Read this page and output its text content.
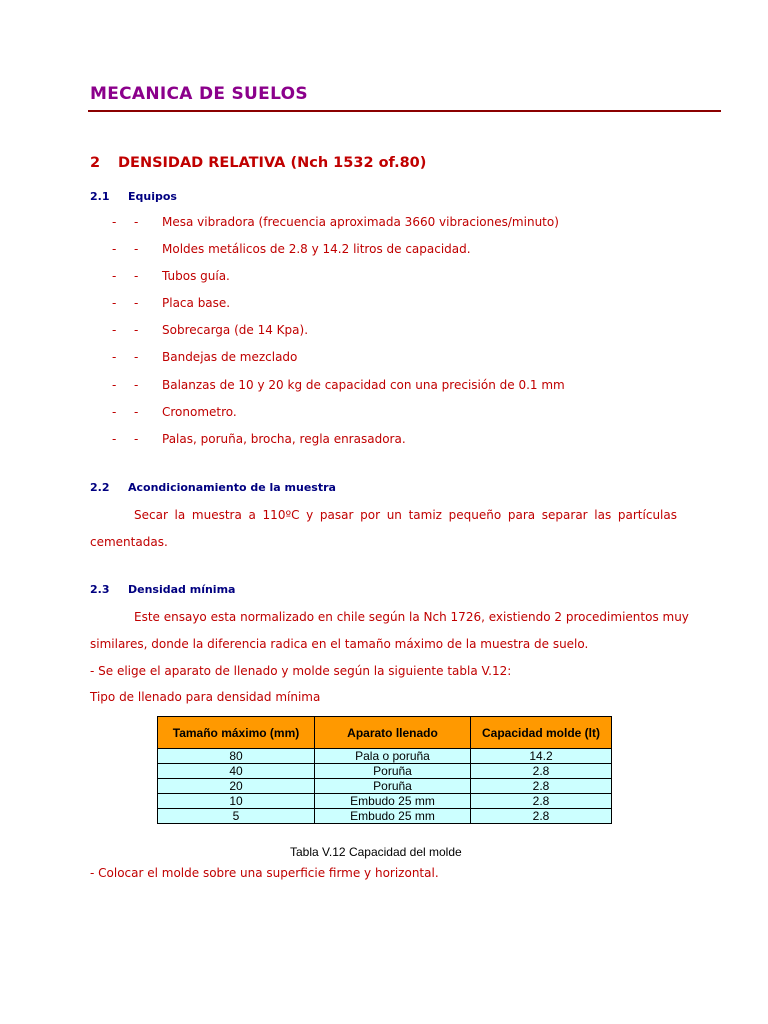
MECANICA DE SUELOS
2 DENSIDAD RELATIVA (Nch 1532 of.80)
2.1 Equipos
- - Mesa vibradora (frecuencia aproximada 3660 vibraciones/minuto)
- - Moldes metálicos de 2.8 y 14.2 litros de capacidad.
- - Tubos guía.
- - Placa base.
- - Sobrecarga (de 14 Kpa).
- - Bandejas de mezclado
- - Balanzas de 10 y 20 kg de capacidad con una precisión de 0.1 mm
- - Cronometro.
- - Palas, poruña, brocha, regla enrasadora.
2.2 Acondicionamiento de la muestra
Secar la muestra a 110ºC y pasar por un tamiz pequeño para separar las partículas
cementadas.
2.3 Densidad mínima
Este ensayo esta normalizado en chile según la Nch 1726, existiendo 2 procedimientos muy
similares, donde la diferencia radica en el tamaño máximo de la muestra de suelo.
- Se elige el aparato de llenado y molde según la siguiente tabla V.12:
Tipo de llenado para densidad mínima
Tamaño máximo (mm)	Aparato llenado	Capacidad molde (lt)
80	Pala o poruña	14.2
40	Poruña	2.8
20	Poruña	2.8
10	Embudo 25 mm	2.8
5	Embudo 25 mm	2.8
Tabla V.12 Capacidad del molde
- Colocar el molde sobre una superficie firme y horizontal.
